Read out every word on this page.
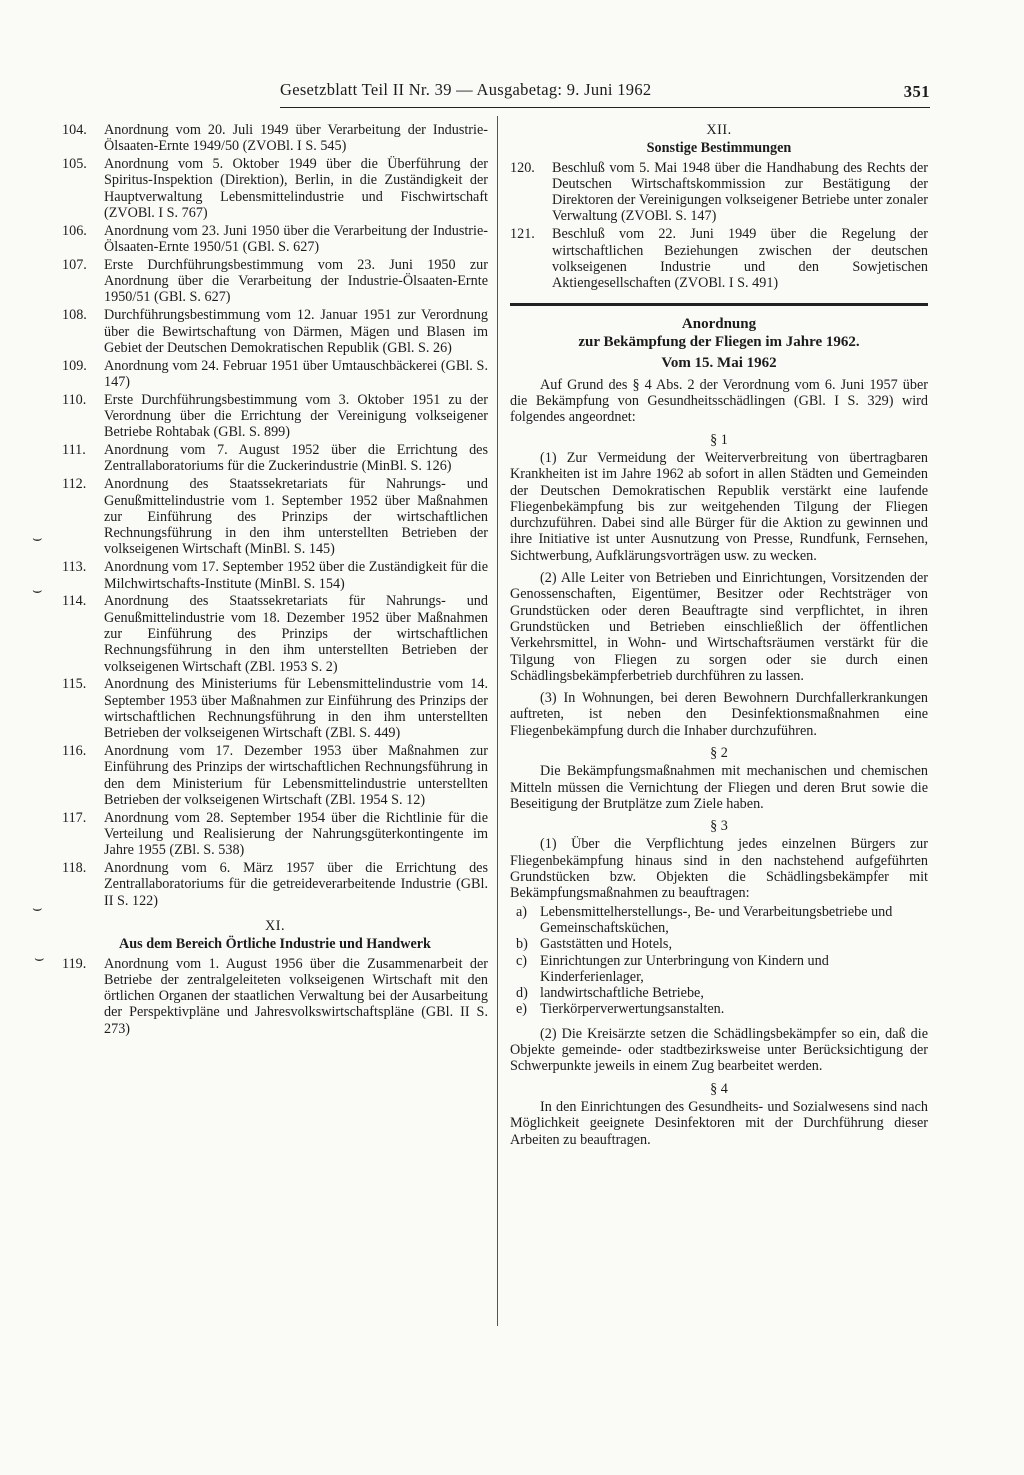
Gesetzblatt Teil II Nr. 39 — Ausgabetag: 9. Juni 1962	351
⌣
⌣
⌣
⌣
104.	Anordnung vom 20. Juli 1949 über Verarbeitung der Industrie-Ölsaaten-Ernte 1949/50 (ZVOBl. I S. 545)
105.	Anordnung vom 5. Oktober 1949 über die Überführung der Spiritus-Inspektion (Direktion), Berlin, in die Zuständigkeit der Hauptverwaltung Lebensmittelindustrie und Fischwirtschaft (ZVOBl. I S. 767)
106.	Anordnung vom 23. Juni 1950 über die Verarbeitung der Industrie-Ölsaaten-Ernte 1950/51 (GBl. S. 627)
107.	Erste Durchführungsbestimmung vom 23. Juni 1950 zur Anordnung über die Verarbeitung der Industrie-Ölsaaten-Ernte 1950/51 (GBl. S. 627)
108.	Durchführungsbestimmung vom 12. Januar 1951 zur Verordnung über die Bewirtschaftung von Därmen, Mägen und Blasen im Gebiet der Deutschen Demokratischen Republik (GBl. S. 26)
109.	Anordnung vom 24. Februar 1951 über Umtauschbäckerei (GBl. S. 147)
110.	Erste Durchführungsbestimmung vom 3. Oktober 1951 zu der Verordnung über die Errichtung der Vereinigung volkseigener Betriebe Rohtabak (GBl. S. 899)
111.	Anordnung vom 7. August 1952 über die Errichtung des Zentrallaboratoriums für die Zuckerindustrie (MinBl. S. 126)
112.	Anordnung des Staatssekretariats für Nahrungs- und Genußmittelindustrie vom 1. September 1952 über Maßnahmen zur Einführung des Prinzips der wirtschaftlichen Rechnungsführung in den ihm unterstellten Betrieben der volkseigenen Wirtschaft (MinBl. S. 145)
113.	Anordnung vom 17. September 1952 über die Zuständigkeit für die Milchwirtschafts-Institute (MinBl. S. 154)
114.	Anordnung des Staatssekretariats für Nahrungs- und Genußmittelindustrie vom 18. Dezember 1952 über Maßnahmen zur Einführung des Prinzips der wirtschaftlichen Rechnungsführung in den ihm unterstellten Betrieben der volkseigenen Wirtschaft (ZBl. 1953 S. 2)
115.	Anordnung des Ministeriums für Lebensmittelindustrie vom 14. September 1953 über Maßnahmen zur Einführung des Prinzips der wirtschaftlichen Rechnungsführung in den ihm unterstellten Betrieben der volkseigenen Wirtschaft (ZBl. S. 449)
116.	Anordnung vom 17. Dezember 1953 über Maßnahmen zur Einführung des Prinzips der wirtschaftlichen Rechnungsführung in den dem Ministerium für Lebensmittelindustrie unterstellten Betrieben der volkseigenen Wirtschaft (ZBl. 1954 S. 12)
117.	Anordnung vom 28. September 1954 über die Richtlinie für die Verteilung und Realisierung der Nahrungsgüterkontingente im Jahre 1955 (ZBl. S. 538)
118.	Anordnung vom 6. März 1957 über die Errichtung des Zentrallaboratoriums für die getreideverarbeitende Industrie (GBl. II S. 122)
XI.
Aus dem Bereich Örtliche Industrie und Handwerk
119.	Anordnung vom 1. August 1956 über die Zusammenarbeit der Betriebe der zentralgeleiteten volkseigenen Wirtschaft mit den örtlichen Organen der staatlichen Verwaltung bei der Ausarbeitung der Perspektivpläne und Jahresvolkswirtschaftspläne (GBl. II S. 273)
XII.
Sonstige Bestimmungen
120.	Beschluß vom 5. Mai 1948 über die Handhabung des Rechts der Deutschen Wirtschaftskommission zur Bestätigung der Direktoren der Vereinigungen volkseigener Betriebe unter zonaler Verwaltung (ZVOBl. S. 147)
121.	Beschluß vom 22. Juni 1949 über die Regelung der wirtschaftlichen Beziehungen zwischen der deutschen volkseigenen Industrie und den Sowjetischen Aktiengesellschaften (ZVOBl. I S. 491)
Anordnung
zur Bekämpfung der Fliegen im Jahre 1962.
Vom 15. Mai 1962
Auf Grund des § 4 Abs. 2 der Verordnung vom 6. Juni 1957 über die Bekämpfung von Gesundheitsschädlingen (GBl. I S. 329) wird folgendes angeordnet:
§ 1
(1) Zur Vermeidung der Weiterverbreitung von übertragbaren Krankheiten ist im Jahre 1962 ab sofort in allen Städten und Gemeinden der Deutschen Demokratischen Republik verstärkt eine laufende Fliegenbekämpfung bis zur weitgehenden Tilgung der Fliegen durchzuführen. Dabei sind alle Bürger für die Aktion zu gewinnen und ihre Initiative ist unter Ausnutzung von Presse, Rundfunk, Fernsehen, Sichtwerbung, Aufklärungsvorträgen usw. zu wecken.
(2) Alle Leiter von Betrieben und Einrichtungen, Vorsitzenden der Genossenschaften, Eigentümer, Besitzer oder Rechtsträger von Grundstücken oder deren Beauftragte sind verpflichtet, in ihren Grundstücken und Betrieben einschließlich der öffentlichen Verkehrsmittel, in Wohn- und Wirtschaftsräumen verstärkt für die Tilgung von Fliegen zu sorgen oder sie durch einen Schädlingsbekämpferbetrieb durchführen zu lassen.
(3) In Wohnungen, bei deren Bewohnern Durchfallerkrankungen auftreten, ist neben den Desinfektionsmaßnahmen eine Fliegenbekämpfung durch die Inhaber durchzuführen.
§ 2
Die Bekämpfungsmaßnahmen mit mechanischen und chemischen Mitteln müssen die Vernichtung der Fliegen und deren Brut sowie die Beseitigung der Brutplätze zum Ziele haben.
§ 3
(1) Über die Verpflichtung jedes einzelnen Bürgers zur Fliegenbekämpfung hinaus sind in den nachstehend aufgeführten Grundstücken bzw. Objekten die Schädlingsbekämpfer mit Bekämpfungsmaßnahmen zu beauftragen:
a) Lebensmittelherstellungs-, Be- und Verarbeitungsbetriebe und Gemeinschaftsküchen,
b) Gaststätten und Hotels,
c) Einrichtungen zur Unterbringung von Kindern und Kinderferienlager,
d) landwirtschaftliche Betriebe,
e) Tierkörperverwertungsanstalten.
(2) Die Kreisärzte setzen die Schädlingsbekämpfer so ein, daß die Objekte gemeinde- oder stadtbezirksweise unter Berücksichtigung der Schwerpunkte jeweils in einem Zug bearbeitet werden.
§ 4
In den Einrichtungen des Gesundheits- und Sozialwesens sind nach Möglichkeit geeignete Desinfektoren mit der Durchführung dieser Arbeiten zu beauftragen.
